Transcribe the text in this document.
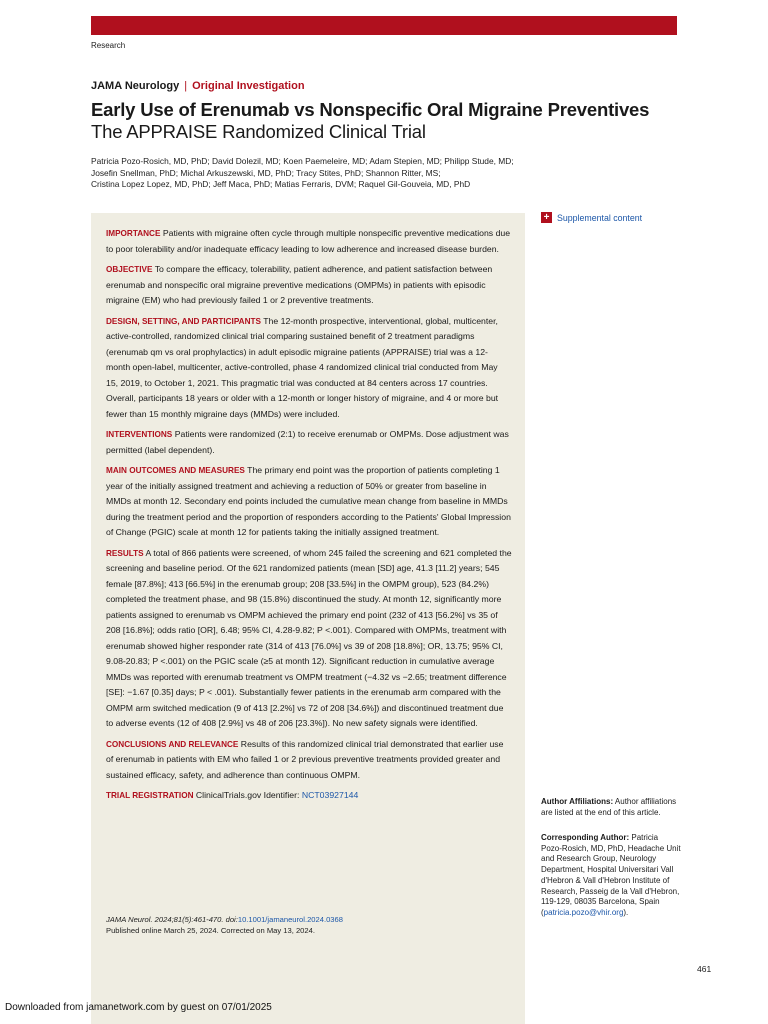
Research
JAMA Neurology | Original Investigation
Early Use of Erenumab vs Nonspecific Oral Migraine Preventives
The APPRAISE Randomized Clinical Trial
Patricia Pozo-Rosich, MD, PhD; David Dolezil, MD; Koen Paemeleire, MD; Adam Stepien, MD; Philipp Stude, MD;
Josefin Snellman, PhD; Michal Arkuszewski, MD, PhD; Tracy Stites, PhD; Shannon Ritter, MS;
Cristina Lopez Lopez, MD, PhD; Jeff Maca, PhD; Matias Ferraris, DVM; Raquel Gil-Gouveia, MD, PhD

IMPORTANCE Patients with migraine often cycle through multiple nonspecific preventive medications due to poor tolerability and/or inadequate efficacy leading to low adherence and increased disease burden.

OBJECTIVE To compare the efficacy, tolerability, patient adherence, and patient satisfaction between erenumab and nonspecific oral migraine preventive medications (OMPMs) in patients with episodic migraine (EM) who had previously failed 1 or 2 preventive treatments.

DESIGN, SETTING, AND PARTICIPANTS The 12-month prospective, interventional, global, multicenter, active-controlled, randomized clinical trial comparing sustained benefit of 2 treatment paradigms (erenumab qm vs oral prophylactics) in adult episodic migraine patients (APPRAISE) trial was a 12-month open-label, multicenter, active-controlled, phase 4 randomized clinical trial conducted from May 15, 2019, to October 1, 2021. This pragmatic trial was conducted at 84 centers across 17 countries. Overall, participants 18 years or older with a 12-month or longer history of migraine, and 4 or more but fewer than 15 monthly migraine days (MMDs) were included.

INTERVENTIONS Patients were randomized (2:1) to receive erenumab or OMPMs. Dose adjustment was permitted (label dependent).

MAIN OUTCOMES AND MEASURES The primary end point was the proportion of patients completing 1 year of the initially assigned treatment and achieving a reduction of 50% or greater from baseline in MMDs at month 12. Secondary end points included the cumulative mean change from baseline in MMDs during the treatment period and the proportion of responders according to the Patients' Global Impression of Change (PGIC) scale at month 12 for patients taking the initially assigned treatment.

RESULTS A total of 866 patients were screened, of whom 245 failed the screening and 621 completed the screening and baseline period. Of the 621 randomized patients (mean [SD] age, 41.3 [11.2] years; 545 female [87.8%]; 413 [66.5%] in the erenumab group; 208 [33.5%] in the OMPM group), 523 (84.2%) completed the treatment phase, and 98 (15.8%) discontinued the study. At month 12, significantly more patients assigned to erenumab vs OMPM achieved the primary end point (232 of 413 [56.2%] vs 35 of 208 [16.8%]; odds ratio [OR], 6.48; 95% CI, 4.28-9.82; P <.001). Compared with OMPMs, treatment with erenumab showed higher responder rate (314 of 413 [76.0%] vs 39 of 208 [18.8%]; OR, 13.75; 95% CI, 9.08-20.83; P <.001) on the PGIC scale (≥5 at month 12). Significant reduction in cumulative average MMDs was reported with erenumab treatment vs OMPM treatment (−4.32 vs −2.65; treatment difference [SE]: −1.67 [0.35] days; P < .001). Substantially fewer patients in the erenumab arm compared with the OMPM arm switched medication (9 of 413 [2.2%] vs 72 of 208 [34.6%]) and discontinued treatment due to adverse events (12 of 408 [2.9%] vs 48 of 206 [23.3%]). No new safety signals were identified.

CONCLUSIONS AND RELEVANCE Results of this randomized clinical trial demonstrated that earlier use of erenumab in patients with EM who failed 1 or 2 previous preventive treatments provided greater and sustained efficacy, safety, and adherence than continuous OMPM.

TRIAL REGISTRATION ClinicalTrials.gov Identifier: NCT03927144

JAMA Neurol. 2024;81(5):461-470. doi:10.1001/jamaneurol.2024.0368
Published online March 25, 2024. Corrected on May 13, 2024.
+ Supplemental content
Author Affiliations: Author affiliations are listed at the end of this article.
Corresponding Author: Patricia Pozo-Rosich, MD, PhD, Headache Unit and Research Group, Neurology Department, Hospital Universitari Vall d'Hebron & Vall d'Hebron Institute of Research, Passeig de la Vall d'Hebron, 119-129, 08035 Barcelona, Spain (patricia.pozo@vhir.org).
461
Downloaded from jamanetwork.com by guest on 07/01/2025
